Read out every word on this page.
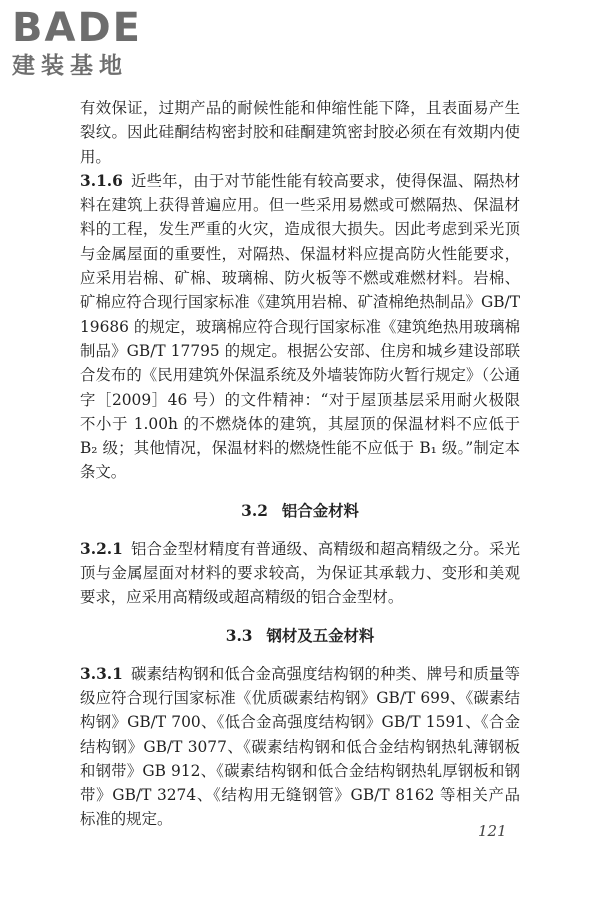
BADE
建装基地

有效保证，过期产品的耐候性能和伸缩性能下降，且表面易产生裂纹。因此硅酮结构密封胶和硅酮建筑密封胶必须在有效期内使用。

3.1.6 近些年，由于对节能性能有较高要求，使得保温、隔热材料在建筑上获得普遍应用。但一些采用易燃或可燃隔热、保温材料的工程，发生严重的火灾，造成很大损失。因此考虑到采光顶与金属屋面的重要性，对隔热、保温材料应提高防火性能要求，应采用岩棉、矿棉、玻璃棉、防火板等不燃或难燃材料。岩棉、矿棉应符合现行国家标准《建筑用岩棉、矿渣棉绝热制品》GB/T 19686 的规定，玻璃棉应符合现行国家标准《建筑绝热用玻璃棉制品》GB/T 17795 的规定。根据公安部、住房和城乡建设部联合发布的《民用建筑外保温系统及外墙装饰防火暂行规定》（公通字［2009］46 号）的文件精神：“对于屋顶基层采用耐火极限不小于 1.00h 的不燃烧体的建筑，其屋顶的保温材料不应低于 B₂ 级；其他情况，保温材料的燃烧性能不应低于 B₁ 级。”制定本条文。

3.2 铝合金材料

3.2.1 铝合金型材精度有普通级、高精级和超高精级之分。采光顶与金属屋面对材料的要求较高，为保证其承载力、变形和美观要求，应采用高精级或超高精级的铝合金型材。

3.3 钢材及五金材料

3.3.1 碳素结构钢和低合金高强度结构钢的种类、牌号和质量等级应符合现行国家标准《优质碳素结构钢》GB/T 699、《碳素结构钢》GB/T 700、《低合金高强度结构钢》GB/T 1591、《合金结构钢》GB/T 3077、《碳素结构钢和低合金结构钢热轧薄钢板和钢带》GB 912、《碳素结构钢和低合金结构钢热轧厚钢板和钢带》GB/T 3274、《结构用无缝钢管》GB/T 8162 等相关产品标准的规定。

121
